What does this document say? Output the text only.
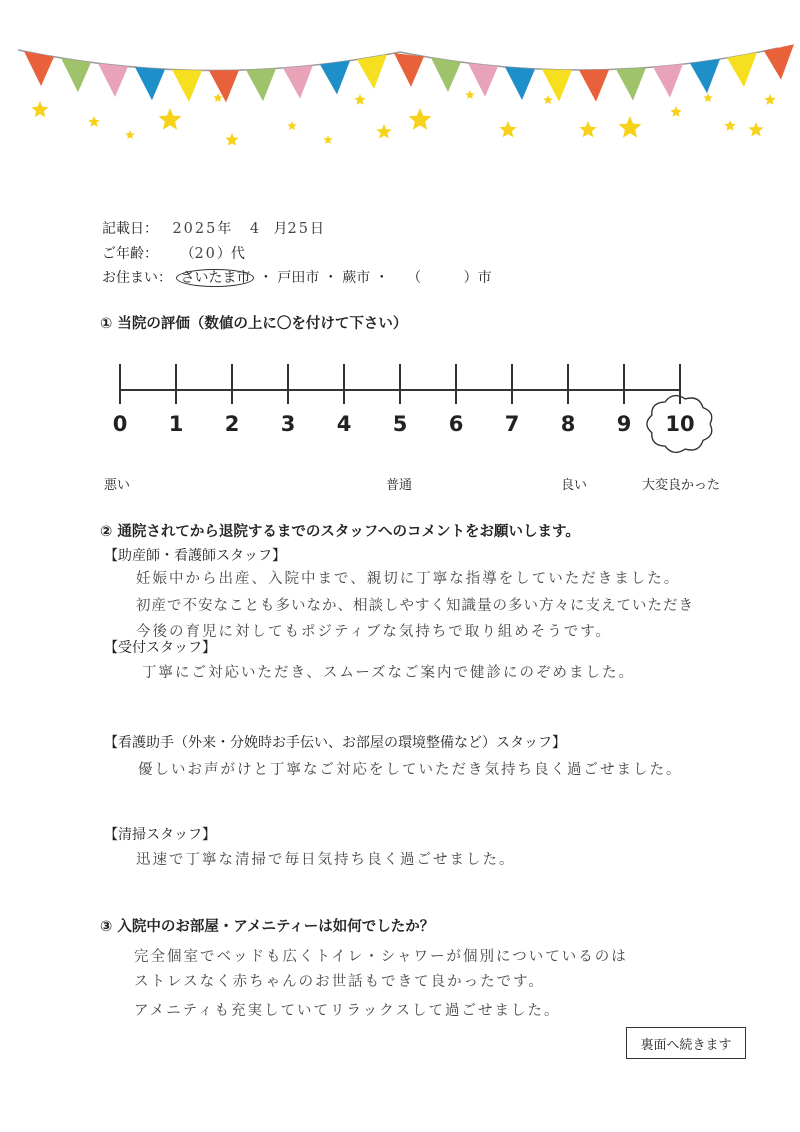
記載日： 2025年 4 月25日
ご年齢： （20）代
お住まい： さいたま市 ・ 戸田市 ・ 蕨市 ・ （	）市
① 当院の評価（数値の上に〇を付けて下さい）
0	1	2	3	4	5	6	7	8	9	10
悪い	普通	良い	大変良かった
② 通院されてから退院するまでのスタッフへのコメントをお願いします。
【助産師・看護師スタッフ】
妊娠中から出産、入院中まで、親切に丁寧な指導をしていただきました。
初産で不安なことも多いなか、相談しやすく知識量の多い方々に支えていただき
今後の育児に対してもポジティブな気持ちで取り組めそうです。
【受付スタッフ】
丁寧にご対応いただき、スムーズなご案内で健診にのぞめました。
【看護助手（外来・分娩時お手伝い、お部屋の環境整備など）スタッフ】
優しいお声がけと丁寧なご対応をしていただき気持ち良く過ごせました。
【清掃スタッフ】
迅速で丁寧な清掃で毎日気持ち良く過ごせました。
③ 入院中のお部屋・アメニティーは如何でしたか？
完全個室でベッドも広くトイレ・シャワーが個別についているのは
ストレスなく赤ちゃんのお世話もできて良かったです。
アメニティも充実していてリラックスして過ごせました。
裏面へ続きます
